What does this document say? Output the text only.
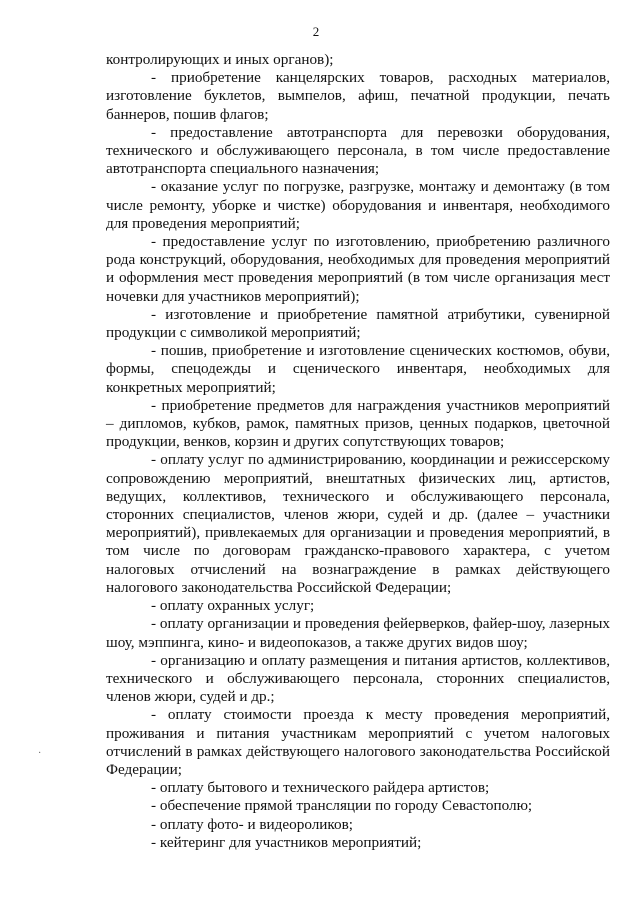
2

контролирующих и иных органов);

- приобретение канцелярских товаров, расходных материалов, изготовление буклетов, вымпелов, афиш, печатной продукции, печать баннеров, пошив флагов;

- предоставление автотранспорта для перевозки оборудования, технического и обслуживающего персонала, в том числе предоставление автотранспорта специального назначения;

- оказание услуг по погрузке, разгрузке, монтажу и демонтажу (в том числе ремонту, уборке и чистке) оборудования и инвентаря, необходимого для проведения мероприятий;

- предоставление услуг по изготовлению, приобретению различного рода конструкций, оборудования, необходимых для проведения мероприятий и оформления мест проведения мероприятий (в том числе организация мест ночевки для участников мероприятий);

- изготовление и приобретение памятной атрибутики, сувенирной продукции с символикой мероприятий;

- пошив, приобретение и изготовление сценических костюмов, обуви, формы, спецодежды и сценического инвентаря, необходимых для конкретных мероприятий;

- приобретение предметов для награждения участников мероприятий – дипломов, кубков, рамок, памятных призов, ценных подарков, цветочной продукции, венков, корзин и других сопутствующих товаров;

- оплату услуг по администрированию, координации и режиссерскому сопровождению мероприятий, внештатных физических лиц, артистов, ведущих, коллективов, технического и обслуживающего персонала, сторонних специалистов, членов жюри, судей и др. (далее – участники мероприятий), привлекаемых для организации и проведения мероприятий, в том числе по договорам гражданско-правового характера, с учетом налоговых отчислений на вознаграждение в рамках действующего налогового законодательства Российской Федерации;

- оплату охранных услуг;

- оплату организации и проведения фейерверков, файер-шоу, лазерных шоу, мэппинга, кино- и видеопоказов, а также других видов шоу;

- организацию и оплату размещения и питания артистов, коллективов, технического и обслуживающего персонала, сторонних специалистов, членов жюри, судей и др.;

- оплату стоимости проезда к месту проведения мероприятий, проживания и питания участникам мероприятий с учетом налоговых отчислений в рамках действующего налогового законодательства Российской Федерации;

- оплату бытового и технического райдера артистов;

- обеспечение прямой трансляции по городу Севастополю;

- оплату фото- и видеороликов;

- кейтеринг для участников мероприятий;

·
